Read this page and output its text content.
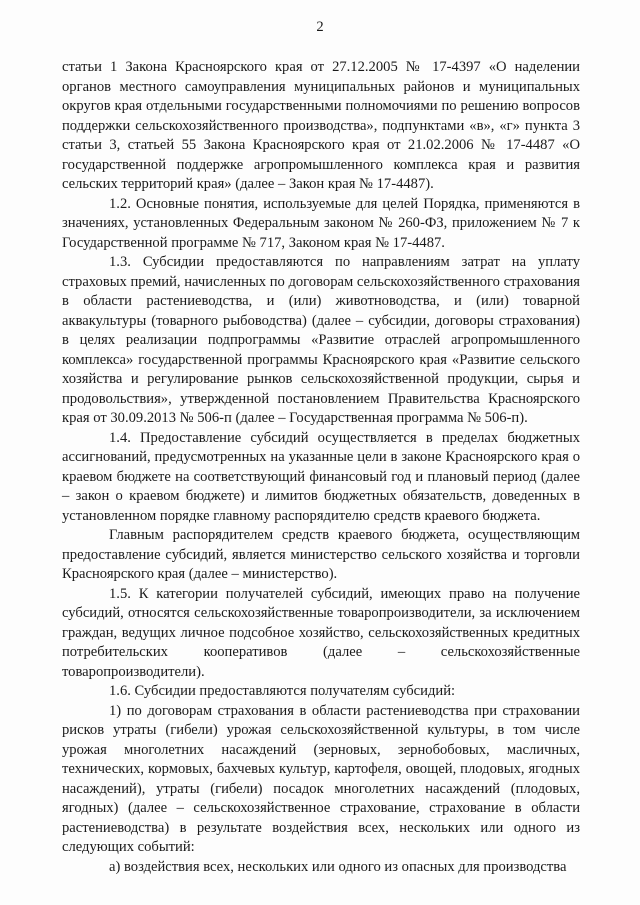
2

статьи 1 Закона Красноярского края от 27.12.2005 № 17-4397 «О наделении органов местного самоуправления муниципальных районов и муниципальных округов края отдельными государственными полномочиями по решению вопросов поддержки сельскохозяйственного производства», подпунктами «в», «г» пункта 3 статьи 3, статьей 55 Закона Красноярского края от 21.02.2006 № 17-4487 «О государственной поддержке агропромышленного комплекса края и развития сельских территорий края» (далее – Закон края № 17-4487).

1.2. Основные понятия, используемые для целей Порядка, применяются в значениях, установленных Федеральным законом № 260-ФЗ, приложением № 7 к Государственной программе № 717, Законом края № 17-4487.

1.3. Субсидии предоставляются по направлениям затрат на уплату страховых премий, начисленных по договорам сельскохозяйственного страхования в области растениеводства, и (или) животноводства, и (или) товарной аквакультуры (товарного рыбоводства) (далее – субсидии, договоры страхования) в целях реализации подпрограммы «Развитие отраслей агропромышленного комплекса» государственной программы Красноярского края «Развитие сельского хозяйства и регулирование рынков сельскохозяйственной продукции, сырья и продовольствия», утвержденной постановлением Правительства Красноярского края от 30.09.2013 № 506-п (далее – Государственная программа № 506-п).

1.4. Предоставление субсидий осуществляется в пределах бюджетных ассигнований, предусмотренных на указанные цели в законе Красноярского края о краевом бюджете на соответствующий финансовый год и плановый период (далее – закон о краевом бюджете) и лимитов бюджетных обязательств, доведенных в установленном порядке главному распорядителю средств краевого бюджета.

Главным распорядителем средств краевого бюджета, осуществляющим предоставление субсидий, является министерство сельского хозяйства и торговли Красноярского края (далее – министерство).

1.5. К категории получателей субсидий, имеющих право на получение субсидий, относятся сельскохозяйственные товаропроизводители, за исключением граждан, ведущих личное подсобное хозяйство, сельскохозяйственных кредитных потребительских кооперативов (далее – сельскохозяйственные товаропроизводители).

1.6. Субсидии предоставляются получателям субсидий:

1) по договорам страхования в области растениеводства при страховании рисков утраты (гибели) урожая сельскохозяйственной культуры, в том числе урожая многолетних насаждений (зерновых, зернобобовых, масличных, технических, кормовых, бахчевых культур, картофеля, овощей, плодовых, ягодных насаждений), утраты (гибели) посадок многолетних насаждений (плодовых, ягодных) (далее – сельскохозяйственное страхование, страхование в области растениеводства) в результате воздействия всех, нескольких или одного из следующих событий:

а) воздействия всех, нескольких или одного из опасных для производства
